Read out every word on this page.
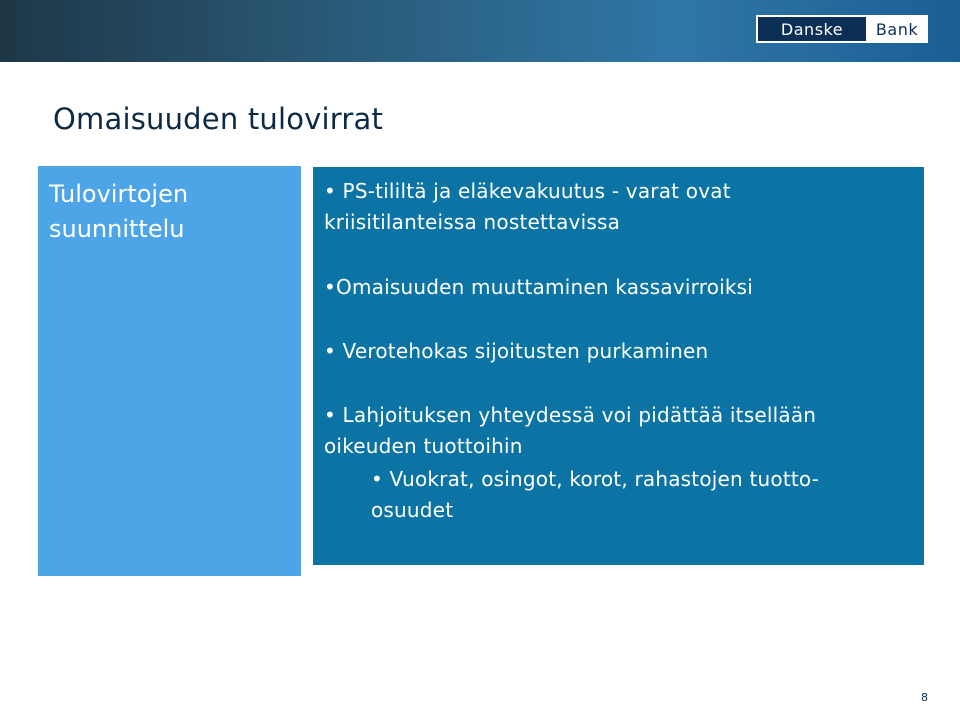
Danske	Bank
Omaisuuden tulovirrat
Tulovirtojen
suunnittelu
• PS-tililtä ja eläkevakuutus - varat ovat
kriisitilanteissa nostettavissa
•Omaisuuden muuttaminen kassavirroiksi
• Verotehokas sijoitusten purkaminen
• Lahjoituksen yhteydessä voi pidättää itsellään
oikeuden tuottoihin
• Vuokrat, osingot, korot, rahastojen tuotto-
osuudet
8
